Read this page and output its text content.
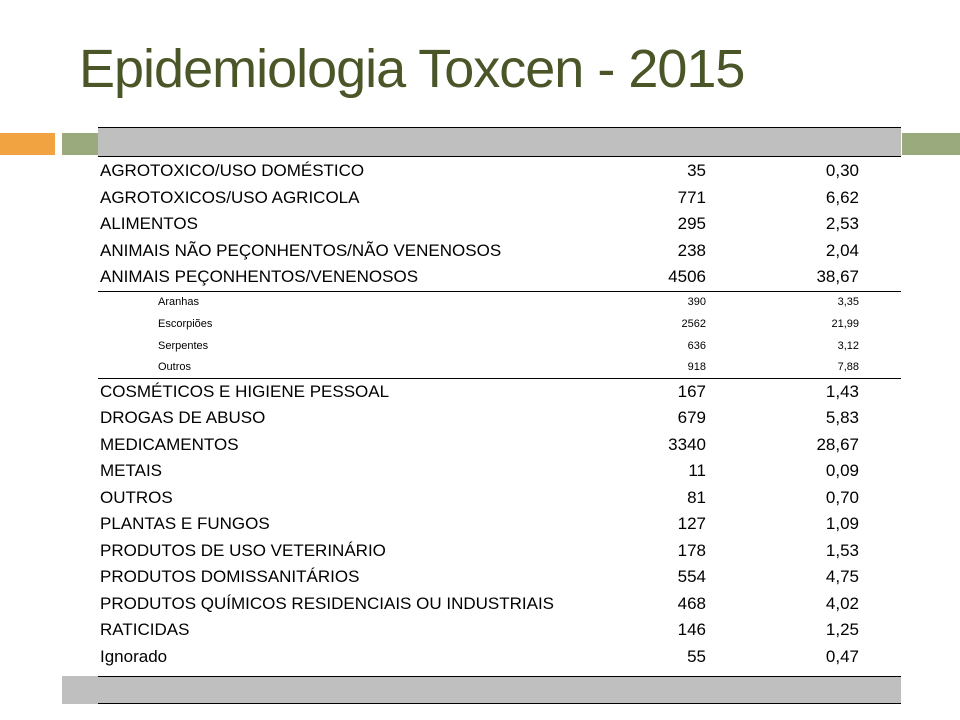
Epidemiologia Toxcen - 2015
AGROTOXICO/USO DOMÉSTICO	35	0,30
AGROTOXICOS/USO AGRICOLA	771	6,62
ALIMENTOS	295	2,53
ANIMAIS NÃO PEÇONHENTOS/NÃO VENENOSOS	238	2,04
ANIMAIS PEÇONHENTOS/VENENOSOS	4506	38,67
Aranhas	390	3,35
Escorpiões	2562	21,99
Serpentes	636	3,12
Outros	918	7,88
COSMÉTICOS E HIGIENE PESSOAL	167	1,43
DROGAS DE ABUSO	679	5,83
MEDICAMENTOS	3340	28,67
METAIS	11	0,09
OUTROS	81	0,70
PLANTAS E FUNGOS	127	1,09
PRODUTOS DE USO VETERINÁRIO	178	1,53
PRODUTOS DOMISSANITÁRIOS	554	4,75
PRODUTOS QUÍMICOS RESIDENCIAIS OU INDUSTRIAIS	468	4,02
RATICIDAS	146	1,25
Ignorado	55	0,47
